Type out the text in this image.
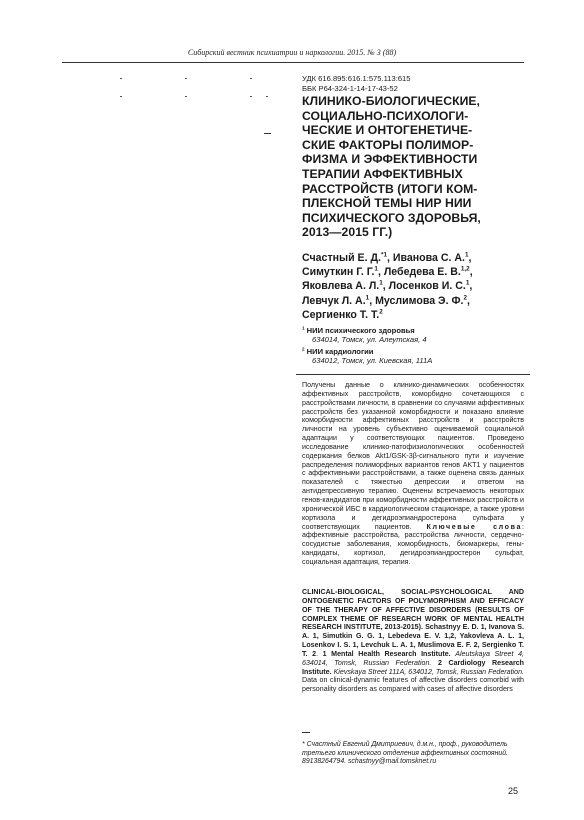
Сибирский вестник психиатрии и наркологии. 2015. № 3 (88)
УДК 616.895:616.1:575.113:615
ББК Р64-324-1-14-17-43-52
КЛИНИКО-БИОЛОГИЧЕСКИЕ,
СОЦИАЛЬНО-ПСИХОЛОГИ-
ЧЕСКИЕ И ОНТОГЕНЕТИЧЕ-
СКИЕ ФАКТОРЫ ПОЛИМОР-
ФИЗМА И ЭФФЕКТИВНОСТИ
ТЕРАПИИ АФФЕКТИВНЫХ
РАССТРОЙСТВ (ИТОГИ КОМ-
ПЛЕКСНОЙ ТЕМЫ НИР НИИ
ПСИХИЧЕСКОГО ЗДОРОВЬЯ,
2013—2015 ГГ.)
Счастный Е. Д.$^{*1}$, Иванова С. А.$^1$,
Симуткин Г. Г.$^1$, Лебедева Е. В.$^{1,2}$,
Яковлева А. Л.$^1$, Лосенков И. С.$^1$,
Левчук Л. А.$^1$, Муслимова Э. Ф.$^2$,
Сергиенко Т. Т.$^2$
$^1$ НИИ психического здоровья
634014, Томск, ул. Алеутская, 4
$^2$ НИИ кардиологии
634012, Томск, ул. Киевская, 111А
Получены данные о клинико-динамических особенностях аффективных расстройств, коморбидно сочетающихся с расстройствами личности, в сравнении со случаями аффективных расстройств без указанной коморбидности и показано влияние коморбидности аффективных расстройств и расстройств личности на уровень субъективно оцениваемой социальной адаптации у соответствующих пациентов. Проведено исследование клинико-патофизиологических особенностей содержания белков Akt1/GSK-3β-сигнального пути и изучение распределения полиморфных вариантов генов AKT1 у пациентов с аффективными расстройствами, а также оценена связь данных показателей с тяжестью депрессии и ответом на антидепрессивную терапию. Оценены встречаемость некоторых генов-кандидатов при коморбидности аффективных расстройств и хронической ИБС в кардиологическом стационаре, а также уровни кортизола и дегидроэпиандростерона сульфата у соответствующих пациентов. Ключевые слова: аффективные расстройства, расстройства личности, сердечно-сосудистые заболевания, коморбидность, биомаркеры, гены-кандидаты, кортизол, дегидроэпиандростерон сульфат, социальная адаптация, терапия.
CLINICAL-BIOLOGICAL, SOCIAL-PSYCHOLOGICAL AND ONTOGENETIC FACTORS OF POLYMORPHISM AND EFFICACY OF THE THERAPY OF AFFECTIVE DISORDERS (RESULTS OF COMPLEX THEME OF RESEARCH WORK OF MENTAL HEALTH RESEARCH INSTITUTE, 2013-2015). Schastnyy E. D. 1, Ivanova S. A. 1, Simutkin G. G. 1, Lebedeva E. V. 1,2, Yakovleva A. L. 1, Losenkov I. S. 1, Levchuk L. A. 1, Muslimova E. F. 2, Sergienko T. T. 2. 1 Mental Health Research Institute. Aleutskaya Street 4, 634014, Tomsk, Russian Federation. 2 Cardiology Research Institute. Kievskaya Street 111A, 634012, Tomsk, Russian Federation. Data on clinical-dynamic features of affective disorders comorbid with personality disorders as compared with cases of affective disorders
* Счастный Евгений Дмитриевич, д.м.н., проф., руководитель третьего клинического отделения аффективных состояний. 89138264794. schastnyy@mail.tomsknet.ru
25
